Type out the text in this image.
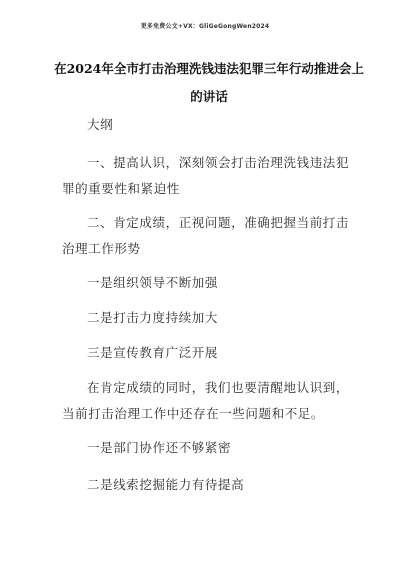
更多免费公文+VX：GliGeGongWen2024
在2024年全市打击治理洗钱违法犯罪三年行动推进会上的讲话

大纲

一、提高认识，深刻领会打击治理洗钱违法犯罪的重要性和紧迫性

二、肯定成绩，正视问题，准确把握当前打击治理工作形势

一是组织领导不断加强

二是打击力度持续加大

三是宣传教育广泛开展

在肯定成绩的同时，我们也要清醒地认识到，当前打击治理工作中还存在一些问题和不足。

一是部门协作还不够紧密

二是线索挖掘能力有待提高
